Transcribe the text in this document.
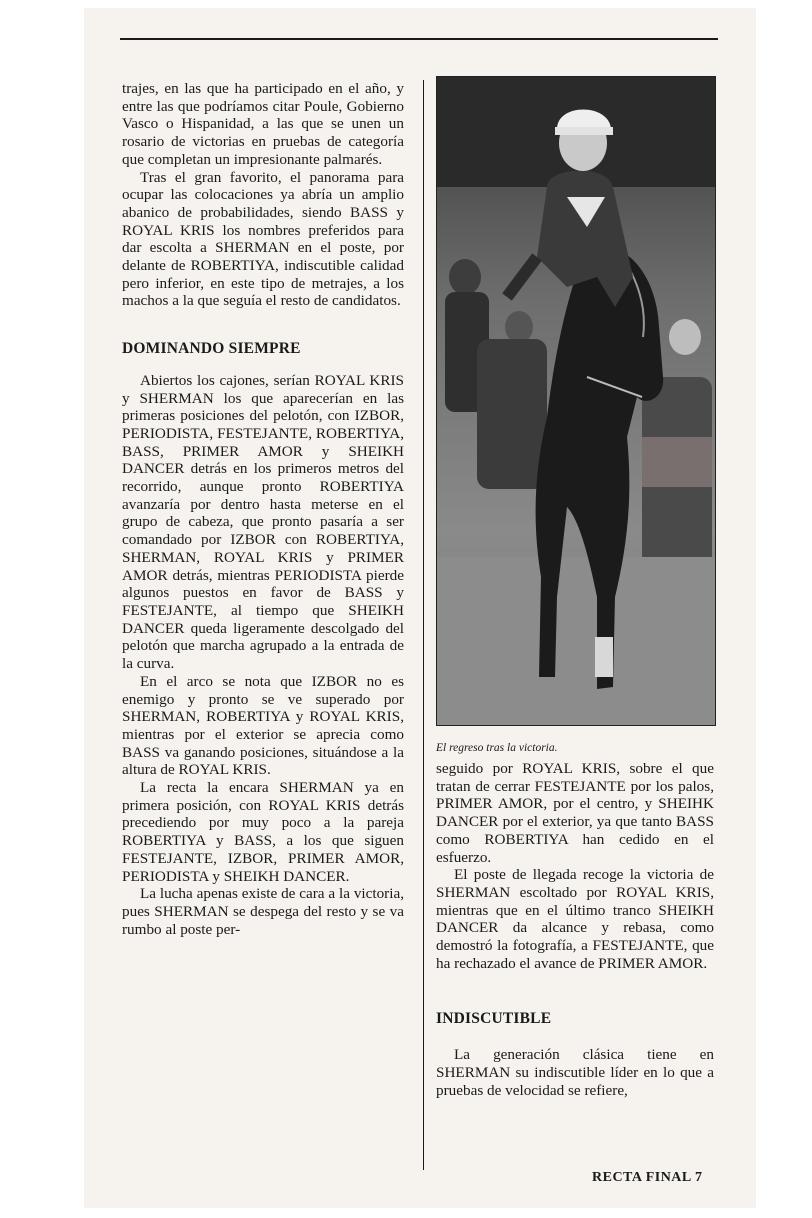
trajes, en las que ha participado en el año, y entre las que podríamos citar Poule, Gobierno Vasco o Hispanidad, a las que se unen un rosario de victorias en pruebas de categoría que completan un impresionante palmarés.

Tras el gran favorito, el panorama para ocupar las colocaciones ya abría un amplio abanico de probabilidades, siendo BASS y ROYAL KRIS los nombres preferidos para dar escolta a SHERMAN en el poste, por delante de ROBERTIYA, indiscutible calidad pero inferior, en este tipo de metrajes, a los machos a la que seguía el resto de candidatos.

DOMINANDO SIEMPRE

Abiertos los cajones, serían ROYAL KRIS y SHERMAN los que aparecerían en las primeras posiciones del pelotón, con IZBOR, PERIODISTA, FESTEJANTE, ROBERTIYA, BASS, PRIMER AMOR y SHEIKH DANCER detrás en los primeros metros del recorrido, aunque pronto ROBERTIYA avanzaría por dentro hasta meterse en el grupo de cabeza, que pronto pasaría a ser comandado por IZBOR con ROBERTIYA, SHERMAN, ROYAL KRIS y PRIMER AMOR detrás, mientras PERIODISTA pierde algunos puestos en favor de BASS y FESTEJANTE, al tiempo que SHEIKH DANCER queda ligeramente descolgado del pelotón que marcha agrupado a la entrada de la curva.

En el arco se nota que IZBOR no es enemigo y pronto se ve superado por SHERMAN, ROBERTIYA y ROYAL KRIS, mientras por el exterior se aprecia como BASS va ganando posiciones, situándose a la altura de ROYAL KRIS.

La recta la encara SHERMAN ya en primera posición, con ROYAL KRIS detrás precediendo por muy poco a la pareja ROBERTIYA y BASS, a los que siguen FESTEJANTE, IZBOR, PRIMER AMOR, PERIODISTA y SHEIKH DANCER.

La lucha apenas existe de cara a la victoria, pues SHERMAN se despega del resto y se va rumbo al poste per-

El regreso tras la victoria.

seguido por ROYAL KRIS, sobre el que tratan de cerrar FESTEJANTE por los palos, PRIMER AMOR, por el centro, y SHEIHK DANCER por el exterior, ya que tanto BASS como ROBERTIYA han cedido en el esfuerzo.

El poste de llegada recoge la victoria de SHERMAN escoltado por ROYAL KRIS, mientras que en el último tranco SHEIKH DANCER da alcance y rebasa, como demostró la fotografía, a FESTEJANTE, que ha rechazado el avance de PRIMER AMOR.

INDISCUTIBLE

La generación clásica tiene en SHERMAN su indiscutible líder en lo que a pruebas de velocidad se refiere,

RECTA FINAL 7
